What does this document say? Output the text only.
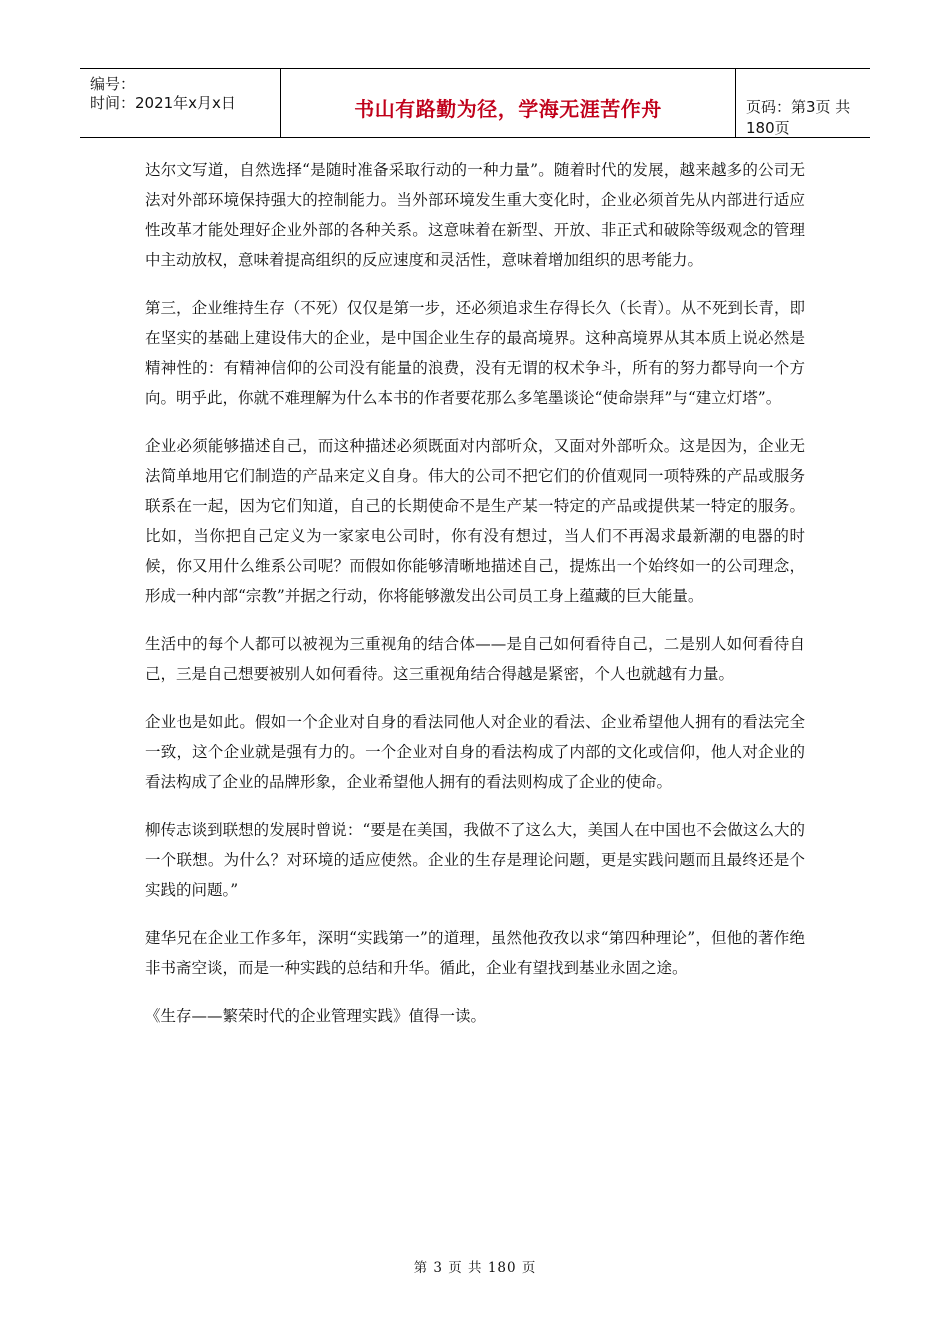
编号：
时间：2021年x月x日	书山有路勤为径，学海无涯苦作舟	页码：第3页 共180页

达尔文写道，自然选择“是随时准备采取行动的一种力量”。随着时代的发展，越来越多的公司无法对外部环境保持强大的控制能力。当外部环境发生重大变化时，企业必须首先从内部进行适应性改革才能处理好企业外部的各种关系。这意味着在新型、开放、非正式和破除等级观念的管理中主动放权，意味着提高组织的反应速度和灵活性，意味着增加组织的思考能力。

第三，企业维持生存（不死）仅仅是第一步，还必须追求生存得长久（长青）。从不死到长青，即在坚实的基础上建设伟大的企业，是中国企业生存的最高境界。这种高境界从其本质上说必然是精神性的：有精神信仰的公司没有能量的浪费，没有无谓的权术争斗，所有的努力都导向一个方向。明乎此，你就不难理解为什么本书的作者要花那么多笔墨谈论“使命崇拜”与“建立灯塔”。

企业必须能够描述自己，而这种描述必须既面对内部听众，又面对外部听众。这是因为，企业无法简单地用它们制造的产品来定义自身。伟大的公司不把它们的价值观同一项特殊的产品或服务联系在一起，因为它们知道，自己的长期使命不是生产某一特定的产品或提供某一特定的服务。比如，当你把自己定义为一家家电公司时，你有没有想过，当人们不再渴求最新潮的电器的时候，你又用什么维系公司呢？而假如你能够清晰地描述自己，提炼出一个始终如一的公司理念，形成一种内部“宗教”并据之行动，你将能够激发出公司员工身上蕴藏的巨大能量。

生活中的每个人都可以被视为三重视角的结合体——是自己如何看待自己，二是别人如何看待自己，三是自己想要被别人如何看待。这三重视角结合得越是紧密，个人也就越有力量。

企业也是如此。假如一个企业对自身的看法同他人对企业的看法、企业希望他人拥有的看法完全一致，这个企业就是强有力的。一个企业对自身的看法构成了内部的文化或信仰，他人对企业的看法构成了企业的品牌形象，企业希望他人拥有的看法则构成了企业的使命。

柳传志谈到联想的发展时曾说：“要是在美国，我做不了这么大，美国人在中国也不会做这么大的一个联想。为什么？对环境的适应使然。企业的生存是理论问题，更是实践问题而且最终还是个实践的问题。”

建华兄在企业工作多年，深明“实践第一”的道理，虽然他孜孜以求“第四种理论”，但他的著作绝非书斋空谈，而是一种实践的总结和升华。循此，企业有望找到基业永固之途。

《生存——繁荣时代的企业管理实践》值得一读。

第 3 页 共 180 页
